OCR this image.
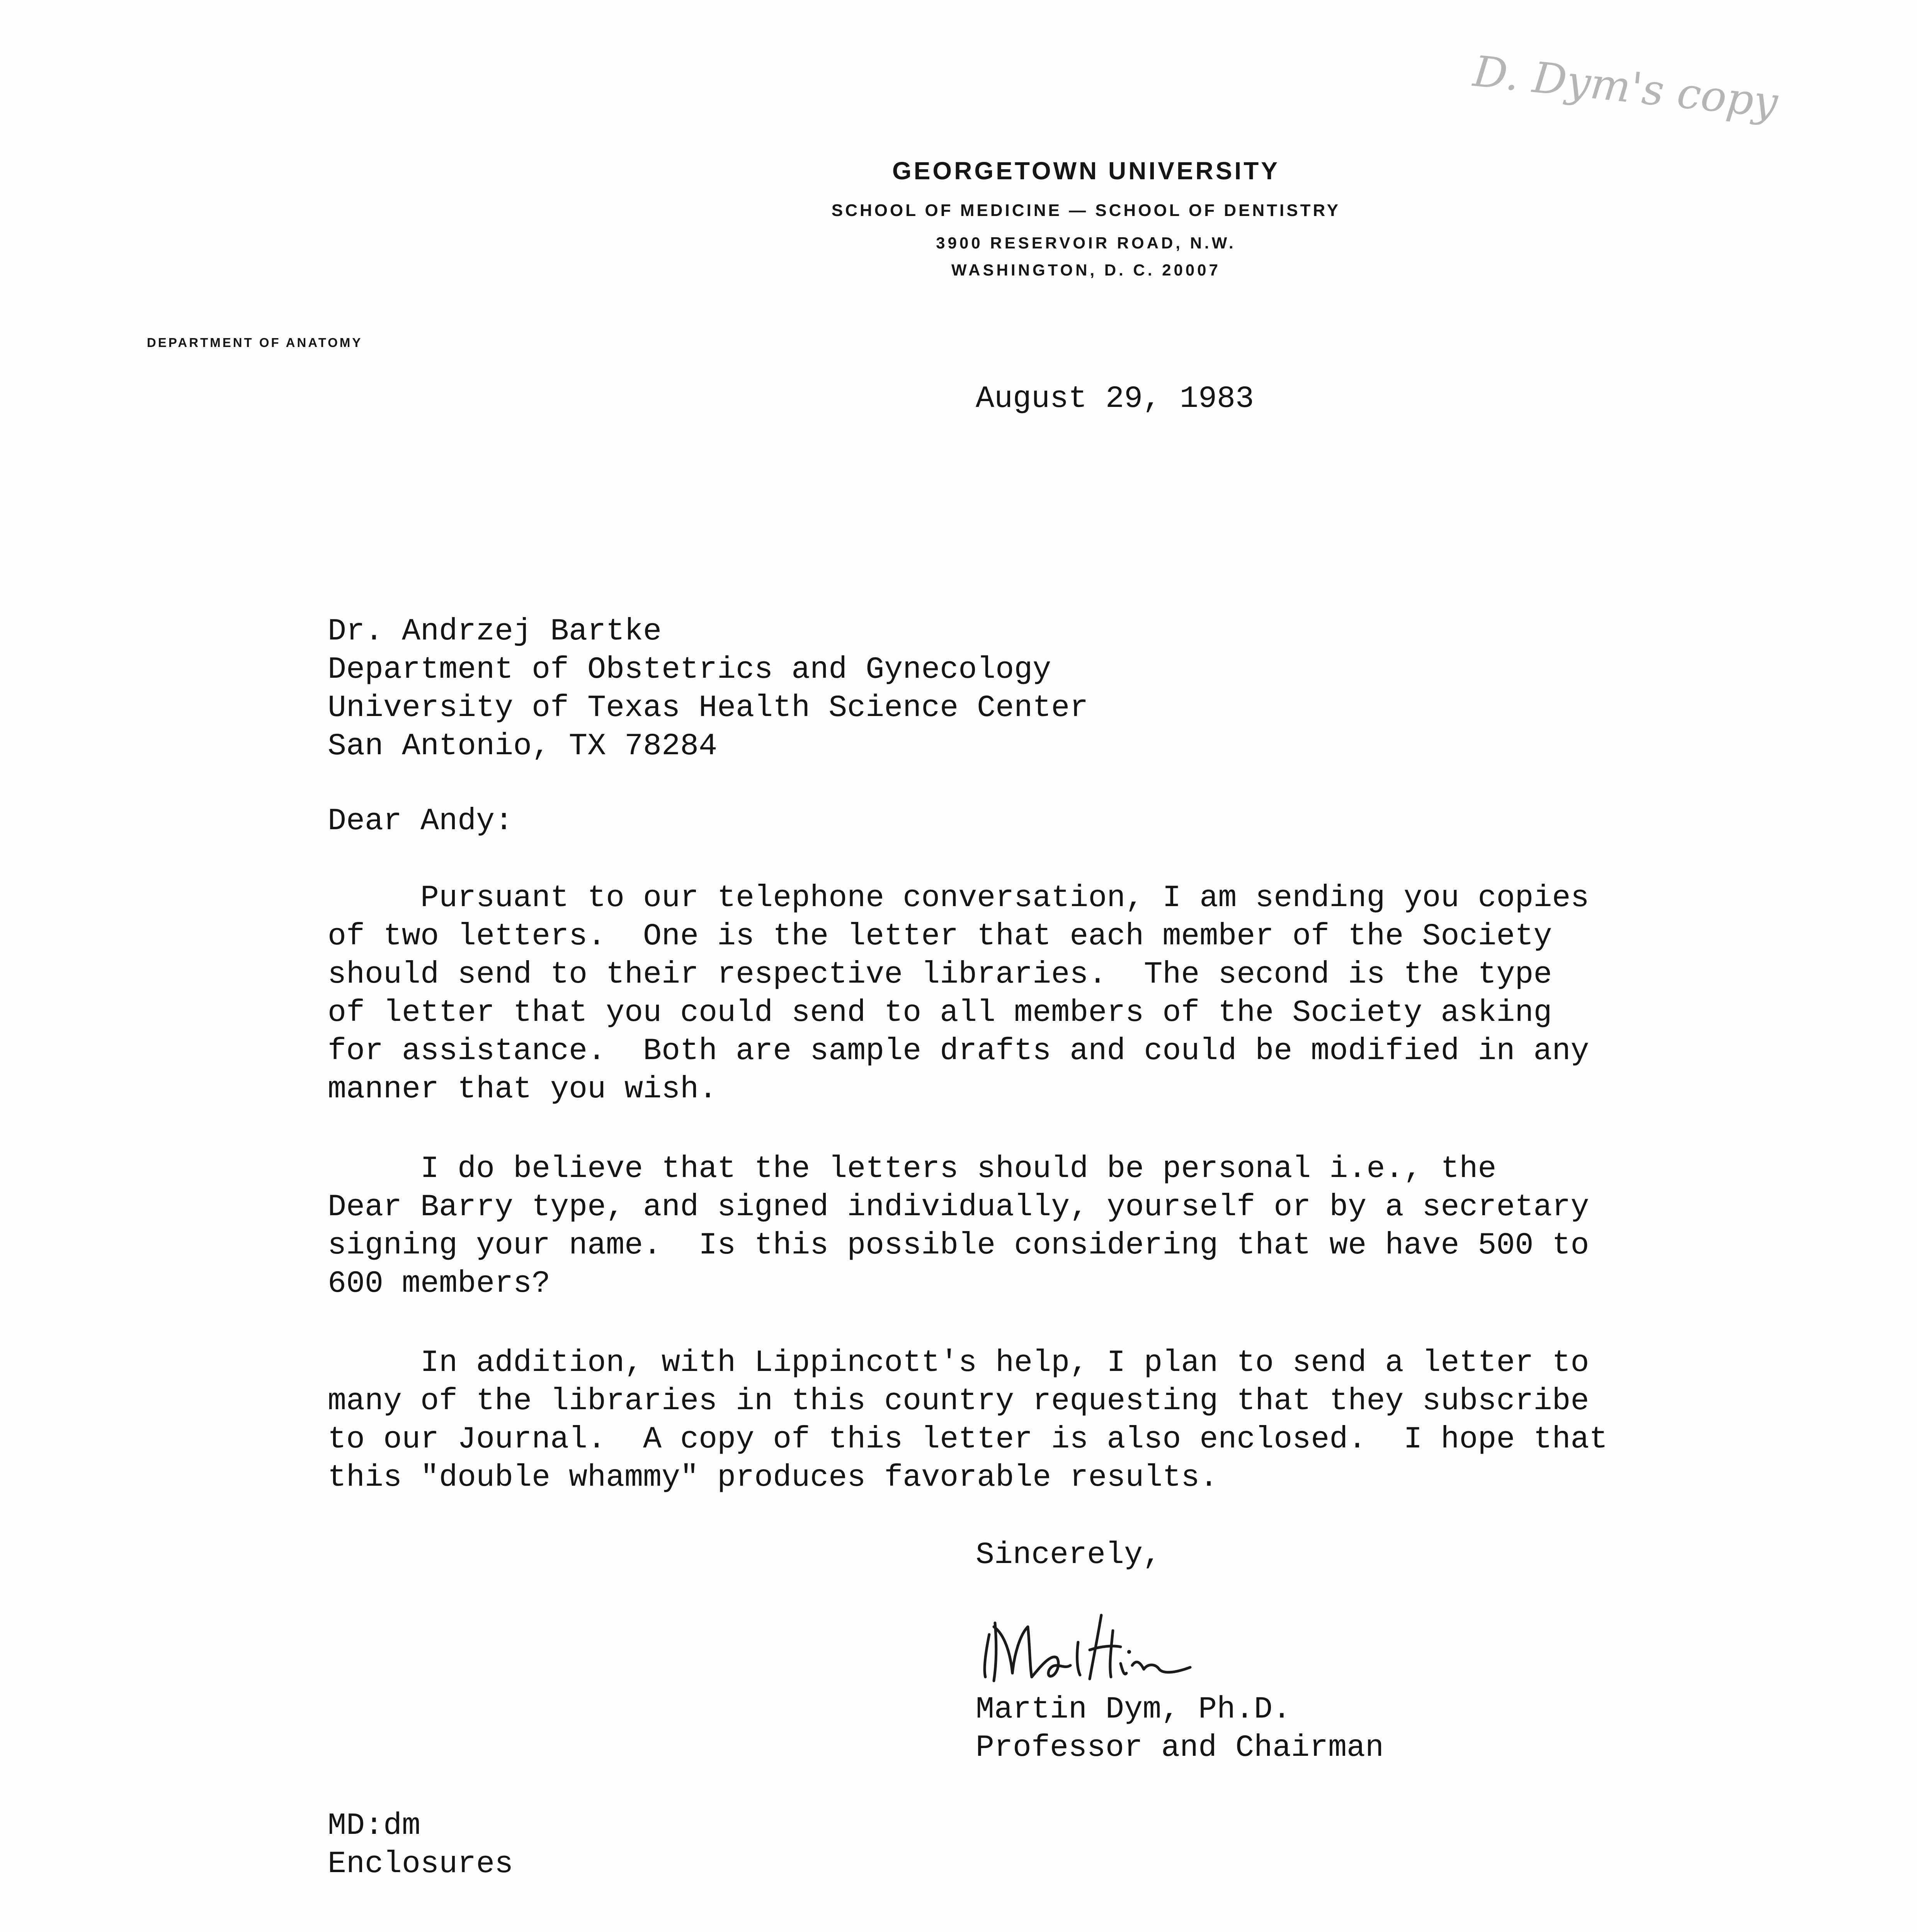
D. Dym's copy
GEORGETOWN UNIVERSITY
SCHOOL OF MEDICINE — SCHOOL OF DENTISTRY
3900 RESERVOIR ROAD, N.W.
WASHINGTON, D. C. 20007
DEPARTMENT OF ANATOMY
August 29, 1983
Dr. Andrzej Bartke
Department of Obstetrics and Gynecology
University of Texas Health Science Center
San Antonio, TX 78284
Dear Andy:
Pursuant to our telephone conversation, I am sending you copies
of two letters.  One is the letter that each member of the Society
should send to their respective libraries.  The second is the type
of letter that you could send to all members of the Society asking
for assistance.  Both are sample drafts and could be modified in any
manner that you wish.
I do believe that the letters should be personal i.e., the
Dear Barry type, and signed individually, yourself or by a secretary
signing your name.  Is this possible considering that we have 500 to
600 members?
In addition, with Lippincott's help, I plan to send a letter to
many of the libraries in this country requesting that they subscribe
to our Journal.  A copy of this letter is also enclosed.  I hope that
this "double whammy" produces favorable results.
Sincerely,
Martin Dym, Ph.D.
Professor and Chairman
MD:dm
Enclosures
